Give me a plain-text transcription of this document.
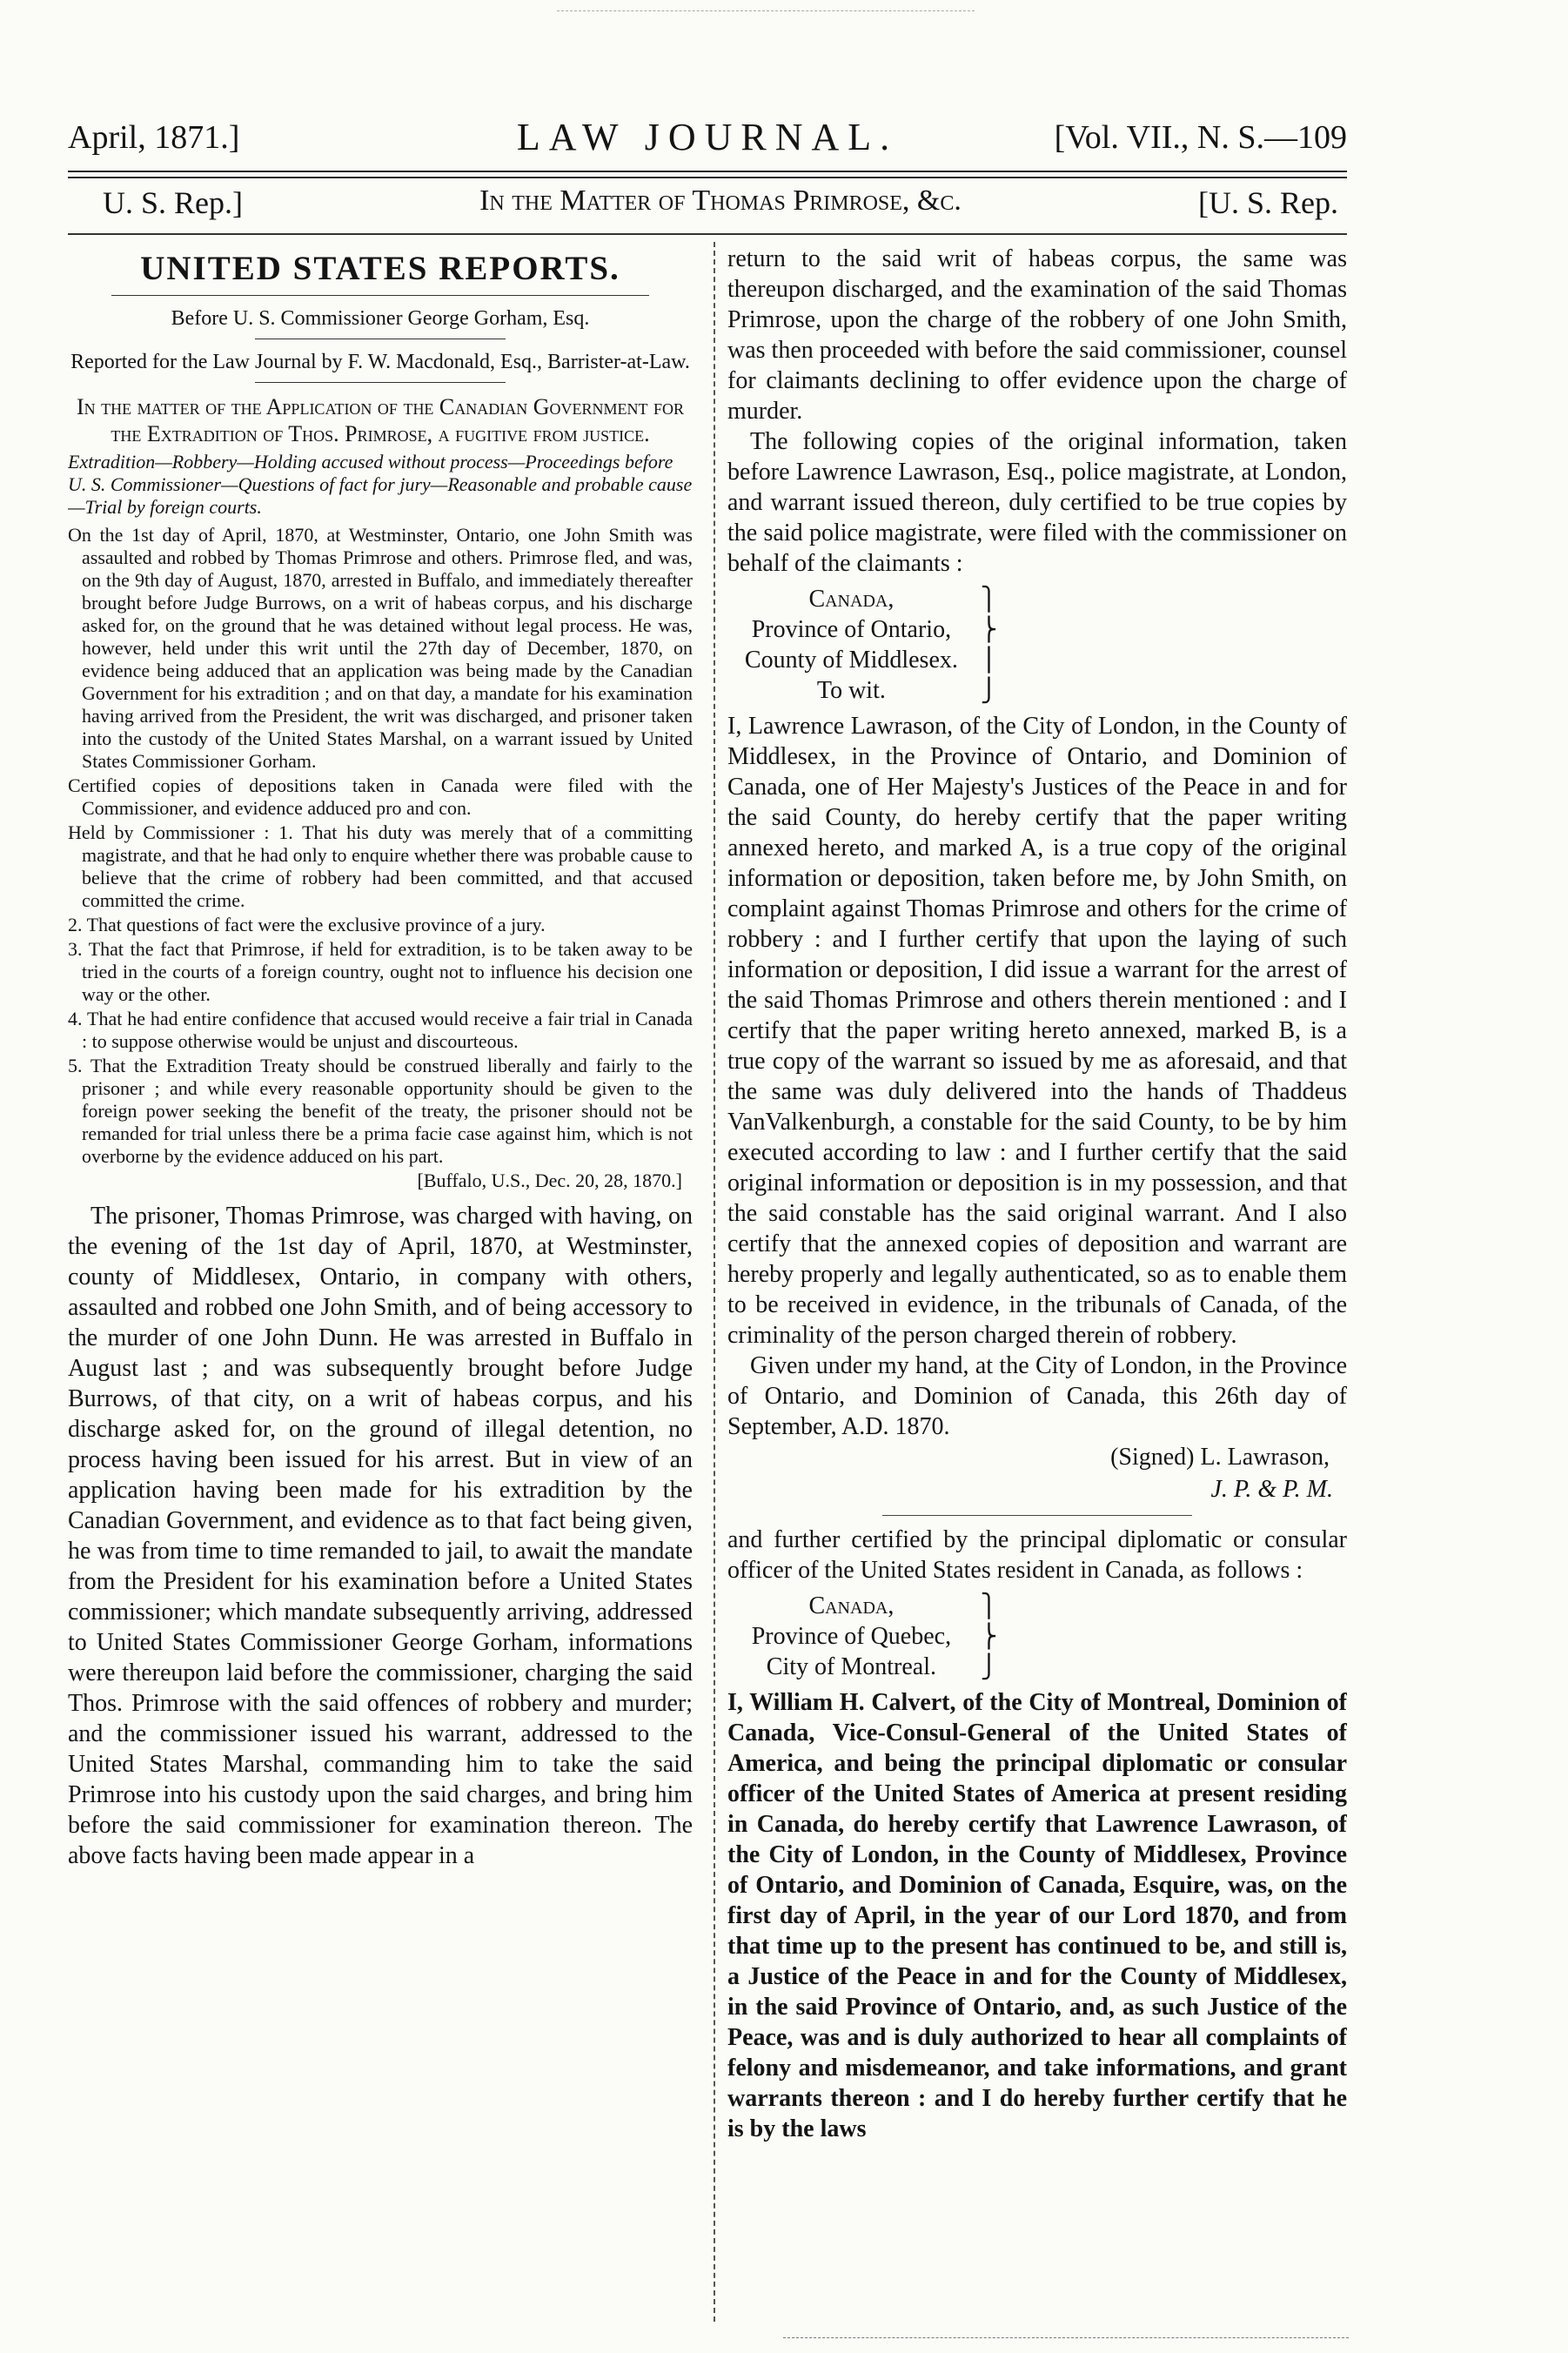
April, 1871.]	LAW JOURNAL.	[Vol. VII., N. S.—109
U. S. Rep.]	In the Matter of Thomas Primrose, &c.	[U. S. Rep.
UNITED STATES REPORTS.
Before U. S. Commissioner George Gorham, Esq.
Reported for the Law Journal by F. W. Macdonald, Esq., Barrister-at-Law.
In the matter of the Application of the Canadian Government for the Extradition of Thos. Primrose, a fugitive from justice.
Extradition—Robbery—Holding accused without process—Proceedings before U. S. Commissioner—Questions of fact for jury—Reasonable and probable cause—Trial by foreign courts.

On the 1st day of April, 1870, at Westminster, Ontario, one John Smith was assaulted and robbed by Thomas Primrose and others. Primrose fled, and was, on the 9th day of August, 1870, arrested in Buffalo, and immediately thereafter brought before Judge Burrows, on a writ of habeas corpus, and his discharge asked for, on the ground that he was detained without legal process. He was, however, held under this writ until the 27th day of December, 1870, on evidence being adduced that an application was being made by the Canadian Government for his extradition ; and on that day, a mandate for his examination having arrived from the President, the writ was discharged, and prisoner taken into the custody of the United States Marshal, on a warrant issued by United States Commissioner Gorham.

Certified copies of depositions taken in Canada were filed with the Commissioner, and evidence adduced pro and con.

Held by Commissioner : 1. That his duty was merely that of a committing magistrate, and that he had only to enquire whether there was probable cause to believe that the crime of robbery had been committed, and that accused committed the crime.

2. That questions of fact were the exclusive province of a jury.

3. That the fact that Primrose, if held for extradition, is to be taken away to be tried in the courts of a foreign country, ought not to influence his decision one way or the other.

4. That he had entire confidence that accused would receive a fair trial in Canada : to suppose otherwise would be unjust and discourteous.

5. That the Extradition Treaty should be construed liberally and fairly to the prisoner ; and while every reasonable opportunity should be given to the foreign power seeking the benefit of the treaty, the prisoner should not be remanded for trial unless there be a prima facie case against him, which is not overborne by the evidence adduced on his part.

[Buffalo, U.S., Dec. 20, 28, 1870.]

The prisoner, Thomas Primrose, was charged with having, on the evening of the 1st day of April, 1870, at Westminster, county of Middlesex, Ontario, in company with others, assaulted and robbed one John Smith, and of being accessory to the murder of one John Dunn. He was arrested in Buffalo in August last ; and was subsequently brought before Judge Burrows, of that city, on a writ of habeas corpus, and his discharge asked for, on the ground of illegal detention, no process having been issued for his arrest. But in view of an application having been made for his extradition by the Canadian Government, and evidence as to that fact being given, he was from time to time remanded to jail, to await the mandate from the President for his examination before a United States commissioner; which mandate subsequently arriving, addressed to United States Commissioner George Gorham, informations were thereupon laid before the commissioner, charging the said Thos. Primrose with the said offences of robbery and murder; and the commissioner issued his warrant, addressed to the United States Marshal, commanding him to take the said Primrose into his custody upon the said charges, and bring him before the said commissioner for examination thereon. The above facts having been made appear in a

return to the said writ of habeas corpus, the same was thereupon discharged, and the examination of the said Thomas Primrose, upon the charge of the robbery of one John Smith, was then proceeded with before the said commissioner, counsel for claimants declining to offer evidence upon the charge of murder.

The following copies of the original information, taken before Lawrence Lawrason, Esq., police magistrate, at London, and warrant issued thereon, duly certified to be true copies by the said police magistrate, were filed with the commissioner on behalf of the claimants :

Canada,
Province of Ontario,
County of Middlesex.
To wit.
⎫
⎬
⎪
⎭

I, Lawrence Lawrason, of the City of London, in the County of Middlesex, in the Province of Ontario, and Dominion of Canada, one of Her Majesty's Justices of the Peace in and for the said County, do hereby certify that the paper writing annexed hereto, and marked A, is a true copy of the original information or deposition, taken before me, by John Smith, on complaint against Thomas Primrose and others for the crime of robbery : and I further certify that upon the laying of such information or deposition, I did issue a warrant for the arrest of the said Thomas Primrose and others therein mentioned : and I certify that the paper writing hereto annexed, marked B, is a true copy of the warrant so issued by me as aforesaid, and that the same was duly delivered into the hands of Thaddeus VanValkenburgh, a constable for the said County, to be by him executed according to law : and I further certify that the said original information or deposition is in my possession, and that the said constable has the said original warrant. And I also certify that the annexed copies of deposition and warrant are hereby properly and legally authenticated, so as to enable them to be received in evidence, in the tribunals of Canada, of the criminality of the person charged therein of robbery.

Given under my hand, at the City of London, in the Province of Ontario, and Dominion of Canada, this 26th day of September, A.D. 1870.

(Signed) L. Lawrason,
J. P. & P. M.

and further certified by the principal diplomatic or consular officer of the United States resident in Canada, as follows :

Canada,
Province of Quebec,
City of Montreal.
⎫
⎬
⎭

I, William H. Calvert, of the City of Montreal, Dominion of Canada, Vice-Consul-General of the United States of America, and being the principal diplomatic or consular officer of the United States of America at present residing in Canada, do hereby certify that Lawrence Lawrason, of the City of London, in the County of Middlesex, Province of Ontario, and Dominion of Canada, Esquire, was, on the first day of April, in the year of our Lord 1870, and from that time up to the present has continued to be, and still is, a Justice of the Peace in and for the County of Middlesex, in the said Province of Ontario, and, as such Justice of the Peace, was and is duly authorized to hear all complaints of felony and misdemeanor, and take informations, and grant warrants thereon : and I do hereby further certify that he is by the laws
